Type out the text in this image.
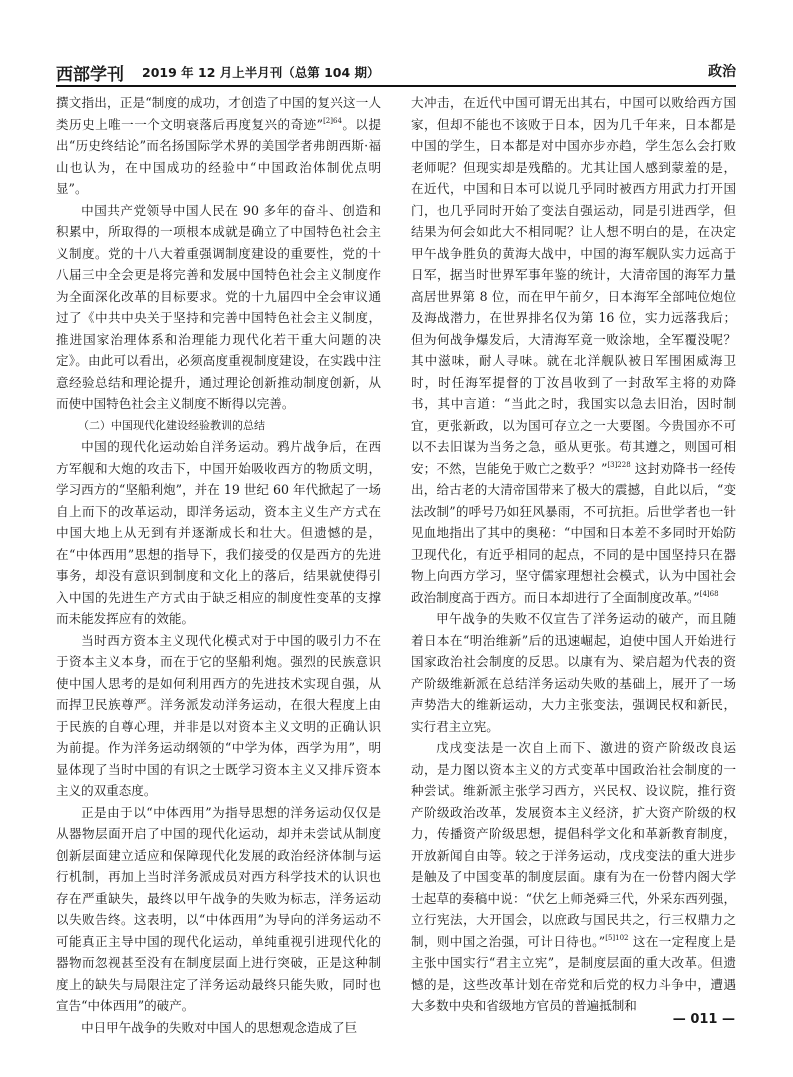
西部学刊 2019 年 12 月上半月刊（总第 104 期）	政治

撰文指出，正是“制度的成功，才创造了中国的复兴这一人类历史上唯一一个文明衰落后再度复兴的奇迹”$^{[2]64}$。以提出“历史终结论”而名扬国际学术界的美国学者弗朗西斯·福山也认为，在中国成功的经验中“中国政治体制优点明显”。

中国共产党领导中国人民在 90 多年的奋斗、创造和积累中，所取得的一项根本成就是确立了中国特色社会主义制度。党的十八大着重强调制度建设的重要性，党的十八届三中全会更是将完善和发展中国特色社会主义制度作为全面深化改革的目标要求。党的十九届四中全会审议通过了《中共中央关于坚持和完善中国特色社会主义制度，推进国家治理体系和治理能力现代化若干重大问题的决定》。由此可以看出，必须高度重视制度建设，在实践中注意经验总结和理论提升，通过理论创新推动制度创新，从而使中国特色社会主义制度不断得以完善。

（二）中国现代化建设经验教训的总结

中国的现代化运动始自洋务运动。鸦片战争后，在西方军舰和大炮的攻击下，中国开始吸收西方的物质文明，学习西方的“坚船利炮”，并在 19 世纪 60 年代掀起了一场自上而下的改革运动，即洋务运动，资本主义生产方式在中国大地上从无到有并逐渐成长和壮大。但遗憾的是，在“中体西用”思想的指导下，我们接受的仅是西方的先进事务，却没有意识到制度和文化上的落后，结果就使得引入中国的先进生产方式由于缺乏相应的制度性变革的支撑而未能发挥应有的效能。

当时西方资本主义现代化模式对于中国的吸引力不在于资本主义本身，而在于它的坚船利炮。强烈的民族意识使中国人思考的是如何利用西方的先进技术实现自强，从而捍卫民族尊严。洋务派发动洋务运动，在很大程度上由于民族的自尊心理，并非是以对资本主义文明的正确认识为前提。作为洋务运动纲领的“中学为体，西学为用”，明显体现了当时中国的有识之士既学习资本主义又排斥资本主义的双重态度。

正是由于以“中体西用”为指导思想的洋务运动仅仅是从器物层面开启了中国的现代化运动，却并未尝试从制度创新层面建立适应和保障现代化发展的政治经济体制与运行机制，再加上当时洋务派成员对西方科学技术的认识也存在严重缺失，最终以甲午战争的失败为标志，洋务运动以失败告终。这表明，以“中体西用”为导向的洋务运动不可能真正主导中国的现代化运动，单纯重视引进现代化的器物而忽视甚至没有在制度层面上进行突破，正是这种制度上的缺失与局限注定了洋务运动最终只能失败，同时也宣告“中体西用”的破产。

中日甲午战争的失败对中国人的思想观念造成了巨

大冲击，在近代中国可谓无出其右，中国可以败给西方国家，但却不能也不该败于日本，因为几千年来，日本都是中国的学生，日本都是对中国亦步亦趋，学生怎么会打败老师呢？但现实却是残酷的。尤其让国人感到蒙羞的是，在近代，中国和日本可以说几乎同时被西方用武力打开国门，也几乎同时开始了变法自强运动，同是引进西学，但结果为何会如此大不相同呢？让人想不明白的是，在决定甲午战争胜负的黄海大战中，中国的海军舰队实力远高于日军，据当时世界军事年鉴的统计，大清帝国的海军力量高居世界第 8 位，而在甲午前夕，日本海军全部吨位炮位及海战潜力，在世界排名仅为第 16 位，实力远落我后；但为何战争爆发后，大清海军竟一败涂地，全军覆没呢？其中滋味，耐人寻味。就在北洋舰队被日军围困威海卫时，时任海军提督的丁汝昌收到了一封敌军主将的劝降书，其中言道：“当此之时，我国实以急去旧治，因时制宜，更张新政，以为国可存立之一大要图。今贵国亦不可以不去旧谋为当务之急，亟从更张。苟其遵之，则国可相安；不然，岂能免于败亡之数乎？”$^{[3]228}$ 这封劝降书一经传出，给古老的大清帝国带来了极大的震撼，自此以后，“变法改制”的呼号乃如狂风暴雨，不可抗拒。后世学者也一针见血地指出了其中的奥秘：“中国和日本差不多同时开始防卫现代化，有近乎相同的起点，不同的是中国坚持只在器物上向西方学习，坚守儒家理想社会模式，认为中国社会政治制度高于西方。而日本却进行了全面制度改革。”$^{[4]68}$

甲午战争的失败不仅宣告了洋务运动的破产，而且随着日本在“明治维新”后的迅速崛起，迫使中国人开始进行国家政治社会制度的反思。以康有为、梁启超为代表的资产阶级维新派在总结洋务运动失败的基础上，展开了一场声势浩大的维新运动，大力主张变法，强调民权和新民，实行君主立宪。

戊戌变法是一次自上而下、激进的资产阶级改良运动，是力图以资本主义的方式变革中国政治社会制度的一种尝试。维新派主张学习西方，兴民权、设议院，推行资产阶级政治改革，发展资本主义经济，扩大资产阶级的权力，传播资产阶级思想，提倡科学文化和革新教育制度，开放新闻自由等。较之于洋务运动，戊戌变法的重大进步是触及了中国变革的制度层面。康有为在一份替内阁大学士起草的奏稿中说：“伏乞上师尧舜三代，外采东西列强，立行宪法，大开国会，以庶政与国民共之，行三权鼎力之制，则中国之治强，可计日待也。”$^{[5]102}$ 这在一定程度上是主张中国实行“君主立宪”，是制度层面的重大改革。但遗憾的是，这些改革计划在帝党和后党的权力斗争中，遭遇大多数中央和省级地方官员的普遍抵制和

— 011 —
